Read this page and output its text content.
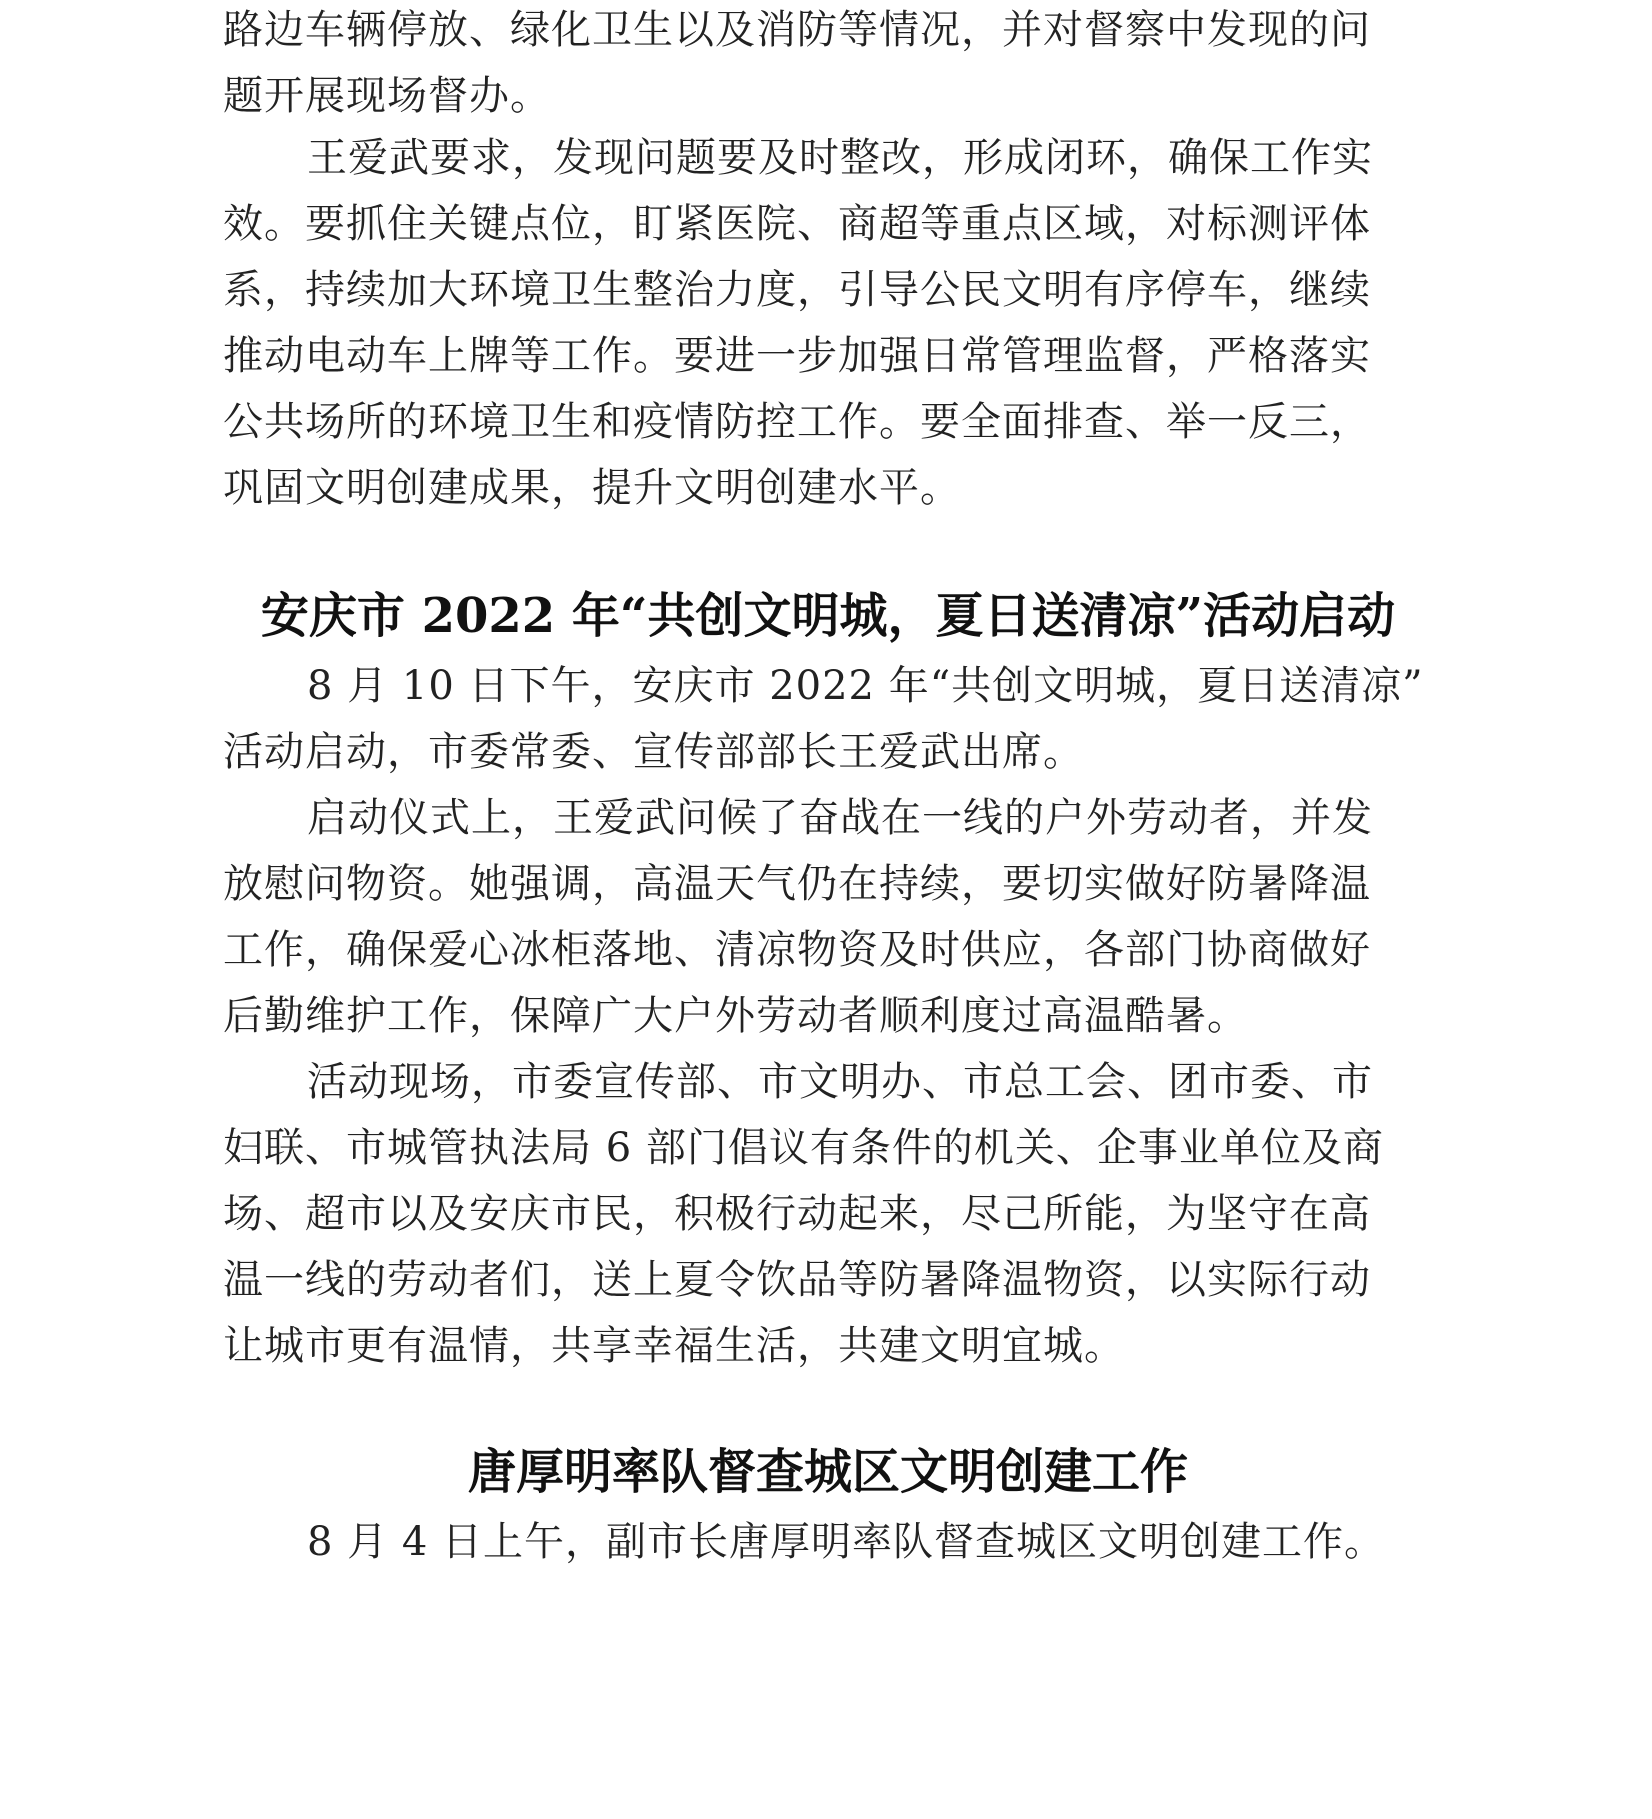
路边车辆停放、绿化卫生以及消防等情况，并对督察中发现的问
题开展现场督办。
王爱武要求，发现问题要及时整改，形成闭环，确保工作实
效。要抓住关键点位，盯紧医院、商超等重点区域，对标测评体
系，持续加大环境卫生整治力度，引导公民文明有序停车，继续
推动电动车上牌等工作。要进一步加强日常管理监督，严格落实
公共场所的环境卫生和疫情防控工作。要全面排查、举一反三，
巩固文明创建成果，提升文明创建水平。
安庆市 2022 年“共创文明城，夏日送清凉”活动启动
8 月 10 日下午，安庆市 2022 年“共创文明城，夏日送清凉”
活动启动，市委常委、宣传部部长王爱武出席。
启动仪式上，王爱武问候了奋战在一线的户外劳动者，并发
放慰问物资。她强调，高温天气仍在持续，要切实做好防暑降温
工作，确保爱心冰柜落地、清凉物资及时供应，各部门协商做好
后勤维护工作，保障广大户外劳动者顺利度过高温酷暑。
活动现场，市委宣传部、市文明办、市总工会、团市委、市
妇联、市城管执法局 6 部门倡议有条件的机关、企事业单位及商
场、超市以及安庆市民，积极行动起来，尽己所能，为坚守在高
温一线的劳动者们，送上夏令饮品等防暑降温物资，以实际行动
让城市更有温情，共享幸福生活，共建文明宜城。
唐厚明率队督查城区文明创建工作
8 月 4 日上午，副市长唐厚明率队督查城区文明创建工作。
